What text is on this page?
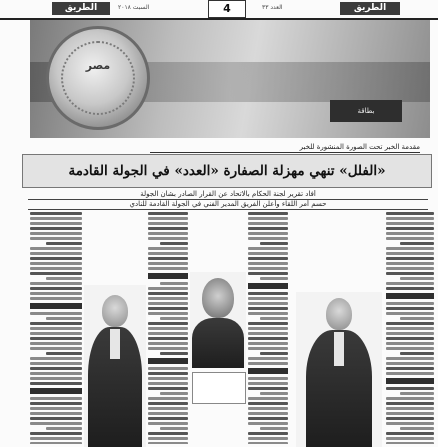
الطريق	السبت ٢٠١٨	4	العدد ٣٣	الطريق
مصر
بطاقة
مقدمة الخبر تحت الصورة المنشورة للخبر
«الفلل» تنهي مهزلة الصفارة «العدد» في الجولة القادمة
أفاد تقرير لجنة الحكام بالاتحاد عن القرار الصادر بشأن الجولة
حسم أمر اللقاء وأعلن الفريق المدير الفني في الجولة القادمة للنادي
